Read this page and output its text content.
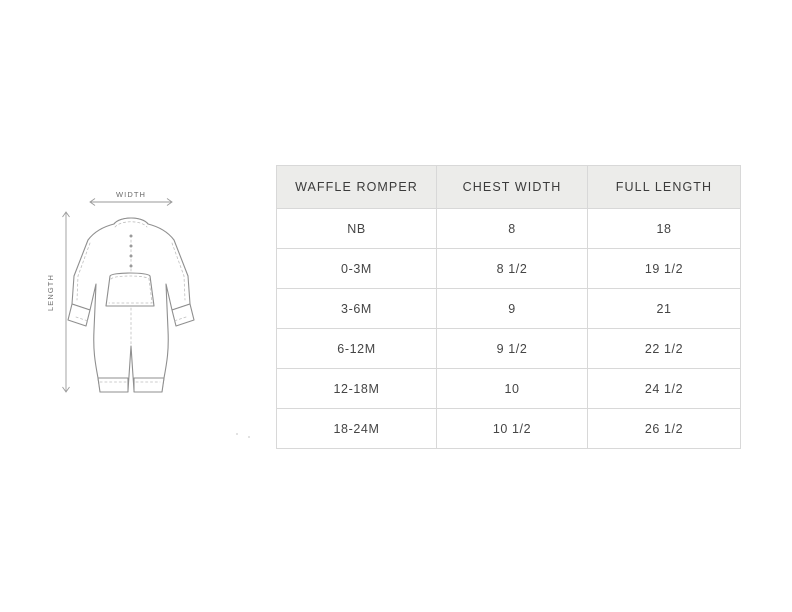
WIDTH
LENGTH
WAFFLE ROMPER	CHEST WIDTH	FULL LENGTH
NB	8	18
0-3M	8 1/2	19 1/2
3-6M	9	21
6-12M	9 1/2	22 1/2
12-18M	10	24 1/2
18-24M	10 1/2	26 1/2
